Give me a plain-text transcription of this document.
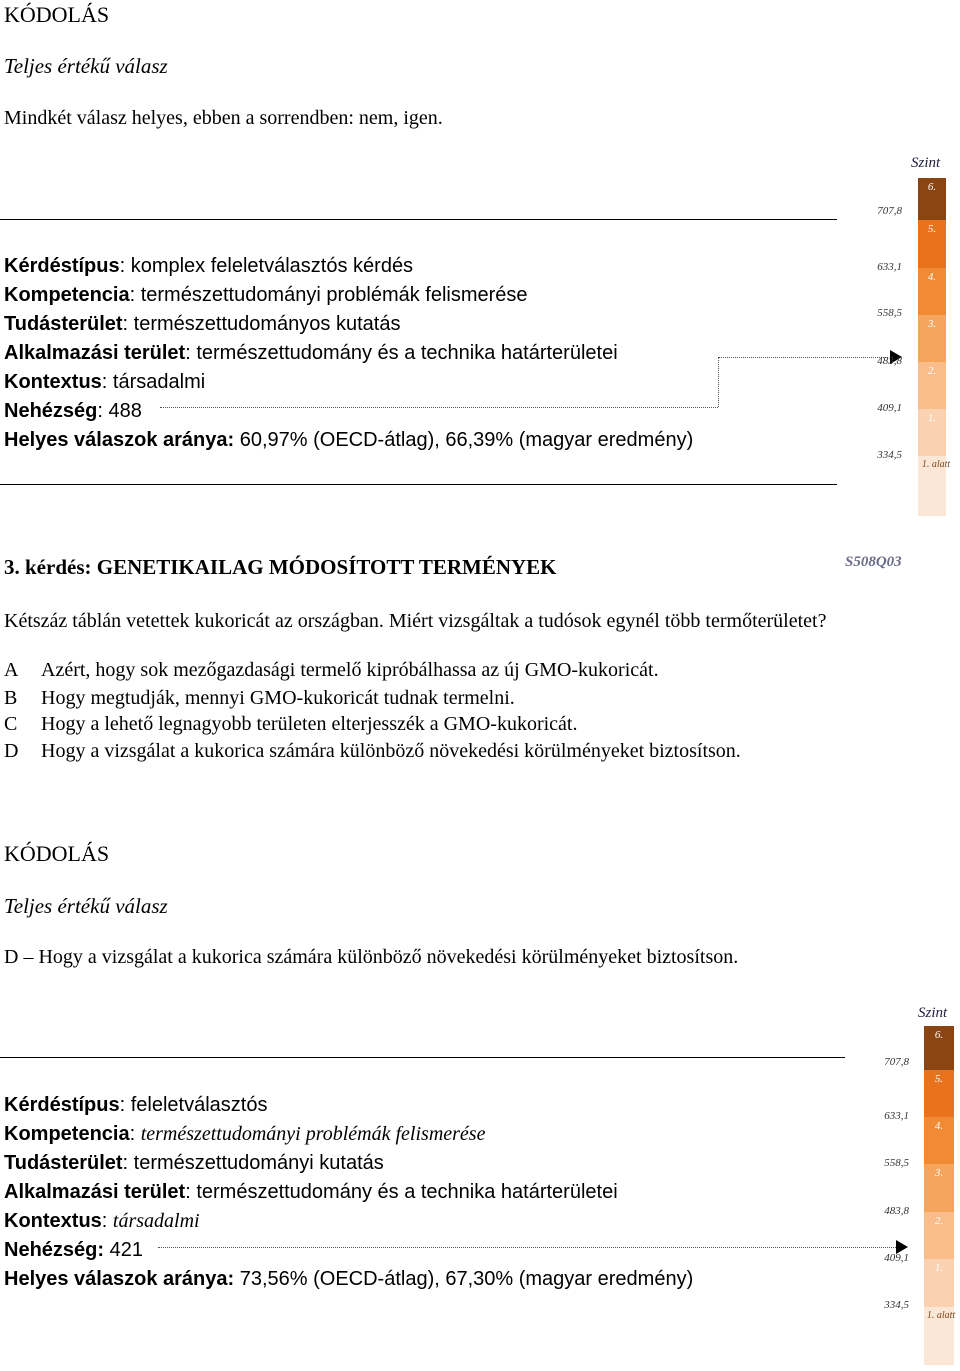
KÓDOLÁS
Teljes értékű válasz
Mindkét válasz helyes, ebben a sorrendben: nem, igen.
Kérdéstípus: komplex feleletválasztós kérdés
Kompetencia: természettudományi problémák felismerése
Tudásterület: természettudományos kutatás
Alkalmazási terület: természettudomány és a technika határterületei
Kontextus: társadalmi
Nehézség: 488
Helyes válaszok aránya: 60,97% (OECD-átlag), 66,39% (magyar eredmény)
Szint
707,8
633,1
558,5
483,8
409,1
334,5
6.
5.
4.
3.
2.
1.
1. alatt
3. kérdés: GENETIKAILAG MÓDOSÍTOTT TERMÉNYEK	S508Q03
Kétszáz táblán vetettek kukoricát az országban. Miért vizsgáltak a tudósok egynél több termőterületet?
A Azért, hogy sok mezőgazdasági termelő kipróbálhassa az új GMO-kukoricát.
B Hogy megtudják, mennyi GMO-kukoricát tudnak termelni.
C Hogy a lehető legnagyobb területen elterjesszék a GMO-kukoricát.
D Hogy a vizsgálat a kukorica számára különböző növekedési körülményeket biztosítson.
KÓDOLÁS
Teljes értékű válasz
D – Hogy a vizsgálat a kukorica számára különböző növekedési körülményeket biztosítson.
Kérdéstípus: feleletválasztós
Kompetencia: természettudományi problémák felismerése
Tudásterület: természettudományi kutatás
Alkalmazási terület: természettudomány és a technika határterületei
Kontextus: társadalmi
Nehézség: 421
Helyes válaszok aránya: 73,56% (OECD-átlag), 67,30% (magyar eredmény)
Szint
707,8
633,1
558,5
483,8
409,1
334,5
6.
5.
4.
3.
2.
1.
1. alatt
